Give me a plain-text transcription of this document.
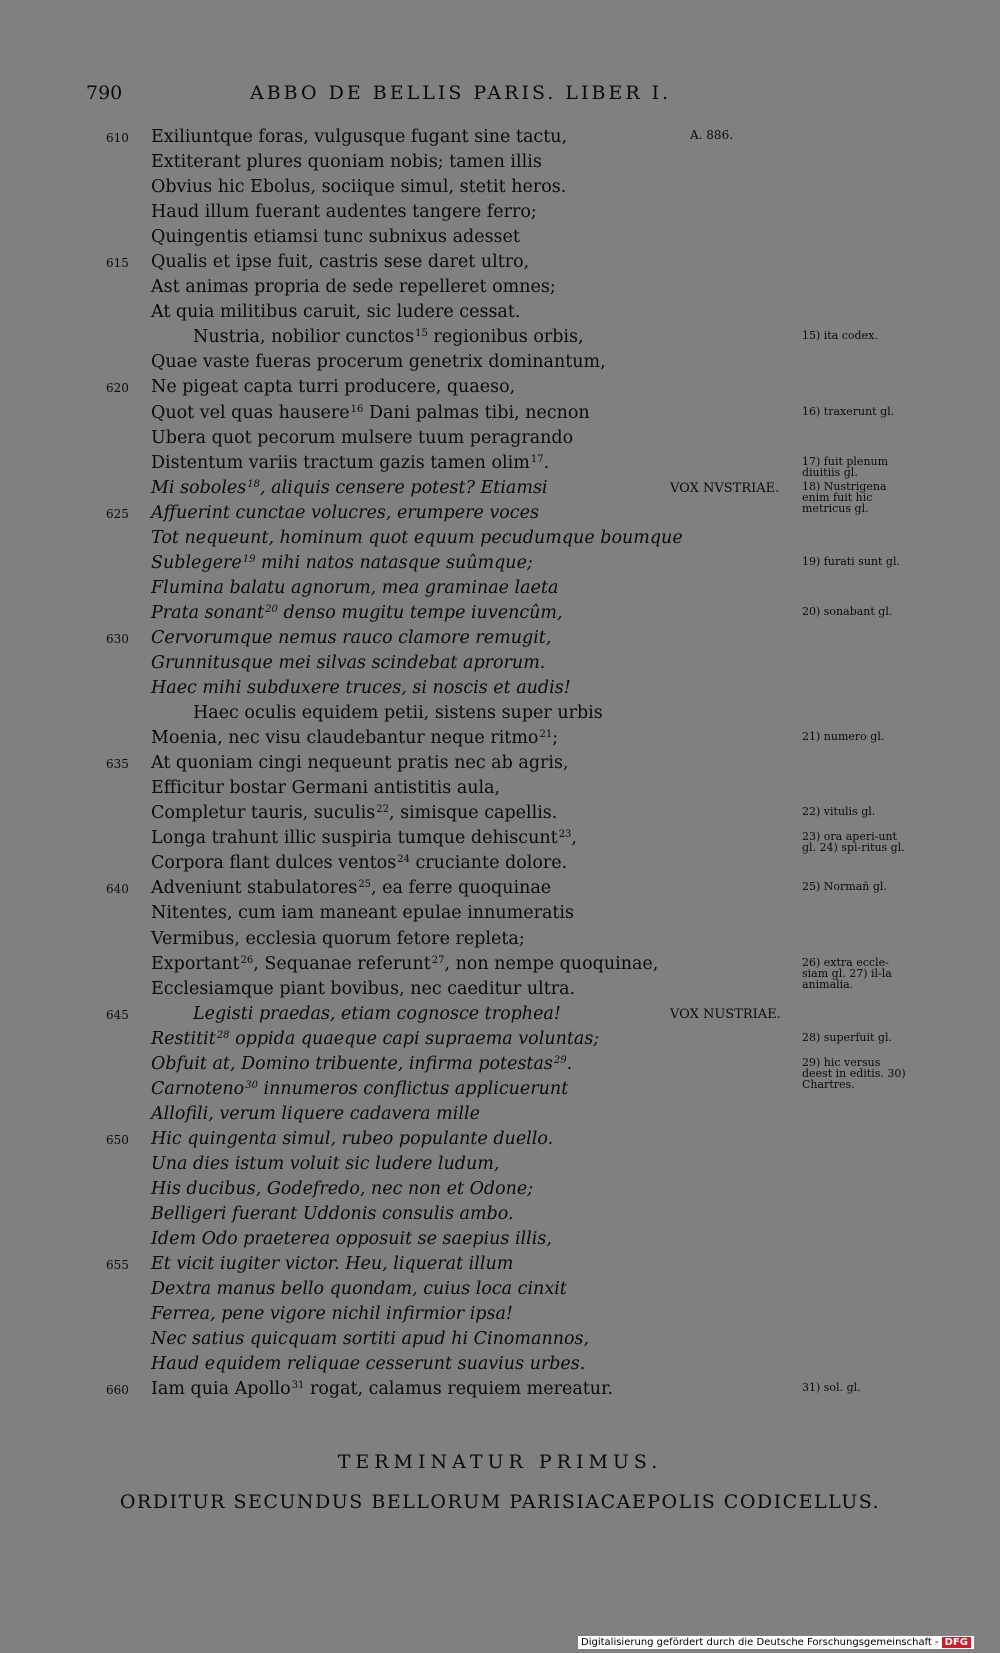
790	ABBO DE BELLIS PARIS. LIBER I.
610 Exiliuntque foras, vulgusque fugant sine tactu,	A. 886.
Extiterant plures quoniam nobis; tamen illis
Obvius hic Ebolus, sociique simul, stetit heros.
Haud illum fuerant audentes tangere ferro;
Quingentis etiamsi tunc subnixus adesset
615 Qualis et ipse fuit, castris sese daret ultro,
Ast animas propria de sede repelleret omnes;
At quia militibus caruit, sic ludere cessat.
Nustria, nobilior cunctos$^{15}$ regionibus orbis,	15) ita codex.
Quae vaste fueras procerum genetrix dominantum,
620 Ne pigeat capta turri producere, quaeso,
Quot vel quas hausere$^{16}$ Dani palmas tibi, necnon	16) traxerunt gl.
Ubera quot pecorum mulsere tuum peragrando
Distentum variis tractum gazis tamen olim$^{17}$.	17) fuit plenum diuitiis gl.
Mi soboles$^{18}$, aliquis censere potest? Etiamsi	VOX NVSTRIAE. 18) Nustrigena enim fuit hic metricus gl.
625 Affuerint cunctae volucres, erumpere voces
Tot nequeunt, hominum quot equum pecudumque boumque
Sublegere$^{19}$ mihi natos natasque suûmque;	19) furati sunt gl.
Flumina balatu agnorum, mea graminae laeta
Prata sonant$^{20}$ denso mugitu tempe iuvencûm,	20) sonabant gl.
630 Cervorumque nemus rauco clamore remugit,
Grunnitusque mei silvas scindebat aprorum.
Haec mihi subduxere truces, si noscis et audis!
Haec oculis equidem petii, sistens super urbis
Moenia, nec visu claudebantur neque ritmo$^{21}$;	21) numero gl.
635 At quoniam cingi nequeunt pratis nec ab agris,
Efficitur bostar Germani antistitis aula,
Completur tauris, suculis$^{22}$, simisque capellis.	22) vitulis gl.
Longa trahunt illic suspiria tumque dehiscunt$^{23}$,	23) ora aperi-unt gl. 24) spi-ritus gl.
Corpora flant dulces ventos$^{24}$ cruciante dolore.
640 Adveniunt stabulatores$^{25}$, ea ferre quoquinae	25) Normañ gl.
Nitentes, cum iam maneant epulae innumeratis
Vermibus, ecclesia quorum fetore repleta;
Exportant$^{26}$, Sequanae referunt$^{27}$, non nempe quoquinae,	26) extra eccle-siam gl. 27) il-la animalia.
Ecclesiamque piant bovibus, nec caeditur ultra.
645	Legisti praedas, etiam cognosce trophea!	VOX NUSTRIAE.
Restitit$^{28}$ oppida quaeque capi supraema voluntas;	28) superfuit gl.
Obfuit at, Domino tribuente, infirma potestas$^{29}$.	29) hic versus deest in editis. 30) Chartres.
Carnoteno$^{30}$ innumeros conflictus applicuerunt
Allofili, verum liquere cadavera mille
650 Hic quingenta simul, rubeo populante duello.
Una dies istum voluit sic ludere ludum,
His ducibus, Godefredo, nec non et Odone;
Belligeri fuerant Uddonis consulis ambo.
Idem Odo praeterea opposuit se saepius illis,
655 Et vicit iugiter victor. Heu, liquerat illum
Dextra manus bello quondam, cuius loca cinxit
Ferrea, pene vigore nichil infirmior ipsa!
Nec satius quicquam sortiti apud hi Cinomannos,
Haud equidem reliquae cesserunt suavius urbes.
660 Iam quia Apollo$^{31}$ rogat, calamus requiem mereatur.	31) sol. gl.
TERMINATUR PRIMUS.
ORDITUR SECUNDUS BELLORUM PARISIACAEPOLIS CODICELLUS.
Digitalisierung gefördert durch die Deutsche Forschungsgemeinschaft - DFG
